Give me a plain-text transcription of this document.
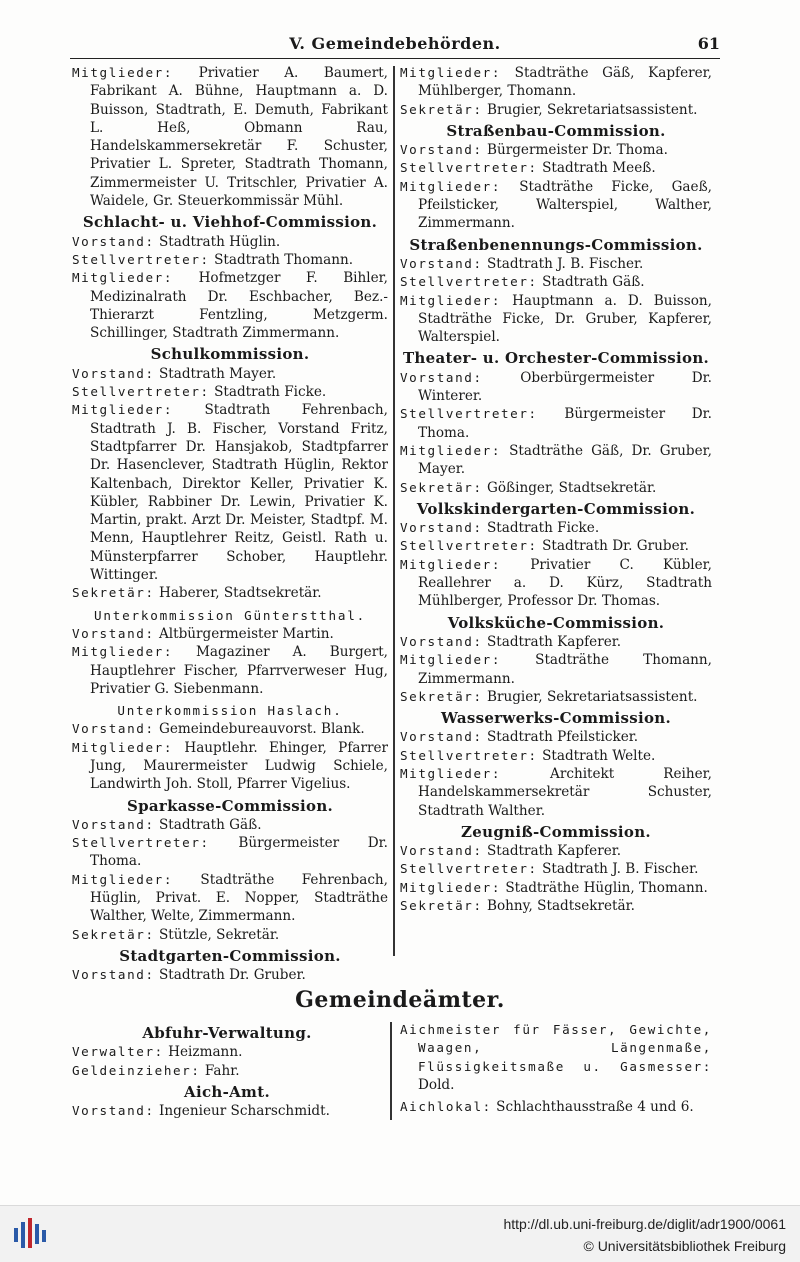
V. Gemeindebehörden.	61

Mitglieder: Privatier A. Baumert, Fabrikant A. Bühne, Hauptmann a. D. Buisson, Stadtrath, E. Demuth, Fabrikant L. Heß, Obmann Rau, Handelskammersekretär F. Schuster, Privatier L. Spreter, Stadtrath Thomann, Zimmermeister U. Tritschler, Privatier A. Waidele, Gr. Steuerkommissär Mühl.

Schlacht- u. Viehhof-Commission.

Vorstand: Stadtrath Hüglin.

Stellvertreter: Stadtrath Thomann.

Mitglieder: Hofmetzger F. Bihler, Medizinalrath Dr. Eschbacher, Bez.-Thierarzt Fentzling, Metzgerm. Schillinger, Stadtrath Zimmermann.

Schulkommission.

Vorstand: Stadtrath Mayer.

Stellvertreter: Stadtrath Ficke.

Mitglieder: Stadtrath Fehrenbach, Stadtrath J. B. Fischer, Vorstand Fritz, Stadtpfarrer Dr. Hansjakob, Stadtpfarrer Dr. Hasenclever, Stadtrath Hüglin, Rektor Kaltenbach, Direktor Keller, Privatier K. Kübler, Rabbiner Dr. Lewin, Privatier K. Martin, prakt. Arzt Dr. Meister, Stadtpf. M. Menn, Hauptlehrer Reitz, Geistl. Rath u. Münsterpfarrer Schober, Hauptlehr. Wittinger.

Sekretär: Haberer, Stadtsekretär.

Unterkommission Günterstthal.

Vorstand: Altbürgermeister Martin.

Mitglieder: Magaziner A. Burgert, Hauptlehrer Fischer, Pfarrverweser Hug, Privatier G. Siebenmann.

Unterkommission Haslach.

Vorstand: Gemeindebureauvorst. Blank.

Mitglieder: Hauptlehr. Ehinger, Pfarrer Jung, Maurermeister Ludwig Schiele, Landwirth Joh. Stoll, Pfarrer Vigelius.

Sparkasse-Commission.

Vorstand: Stadtrath Gäß.

Stellvertreter: Bürgermeister Dr. Thoma.

Mitglieder: Stadträthe Fehrenbach, Hüglin, Privat. E. Nopper, Stadträthe Walther, Welte, Zimmermann.

Sekretär: Stützle, Sekretär.

Stadtgarten-Commission.

Vorstand: Stadtrath Dr. Gruber.

Mitglieder: Stadträthe Gäß, Kapferer, Mühlberger, Thomann.

Sekretär: Brugier, Sekretariatsassistent.

Straßenbau-Commission.

Vorstand: Bürgermeister Dr. Thoma.

Stellvertreter: Stadtrath Meeß.

Mitglieder: Stadträthe Ficke, Gaeß, Pfeilsticker, Walterspiel, Walther, Zimmermann.

Straßenbenennungs-Commission.

Vorstand: Stadtrath J. B. Fischer.

Stellvertreter: Stadtrath Gäß.

Mitglieder: Hauptmann a. D. Buisson, Stadträthe Ficke, Dr. Gruber, Kapferer, Walterspiel.

Theater- u. Orchester-Commission.

Vorstand:	Oberbürgermeister Dr. Winterer.

Stellvertreter: Bürgermeister Dr. Thoma.

Mitglieder: Stadträthe Gäß, Dr. Gruber, Mayer.

Sekretär: Gößinger, Stadtsekretär.

Volkskindergarten-Commission.

Vorstand: Stadtrath Ficke.

Stellvertreter: Stadtrath Dr. Gruber.

Mitglieder: Privatier C. Kübler, Reallehrer a. D. Kürz, Stadtrath Mühlberger, Professor Dr. Thomas.

Volksküche-Commission.

Vorstand: Stadtrath Kapferer.

Mitglieder:	Stadträthe Thomann, Zimmermann.

Sekretär: Brugier, Sekretariatsassistent.

Wasserwerks-Commission.

Vorstand: Stadtrath Pfeilsticker.

Stellvertreter: Stadtrath Welte.

Mitglieder:	Architekt Reiher, Handelskammersekretär Schuster, Stadtrath Walther.

Zeugniß-Commission.

Vorstand: Stadtrath Kapferer.

Stellvertreter: Stadtrath J. B. Fischer.

Mitglieder: Stadträthe Hüglin, Thomann.

Sekretär: Bohny, Stadtsekretär.

Gemeindeämter.
Abfuhr-Verwaltung.

Verwalter: Heizmann.

Geldeinzieher: Fahr.

Aich-Amt.

Vorstand: Ingenieur Scharschmidt.

Aichmeister für Fässer, Gewichte, Waagen, Längenmaße, Flüssigkeitsmaße u. Gasmesser: Dold.

Aichlokal: Schlachthausstraße 4 und 6.

http://dl.ub.uni-freiburg.de/diglit/adr1900/0061
© Universitätsbibliothek Freiburg
